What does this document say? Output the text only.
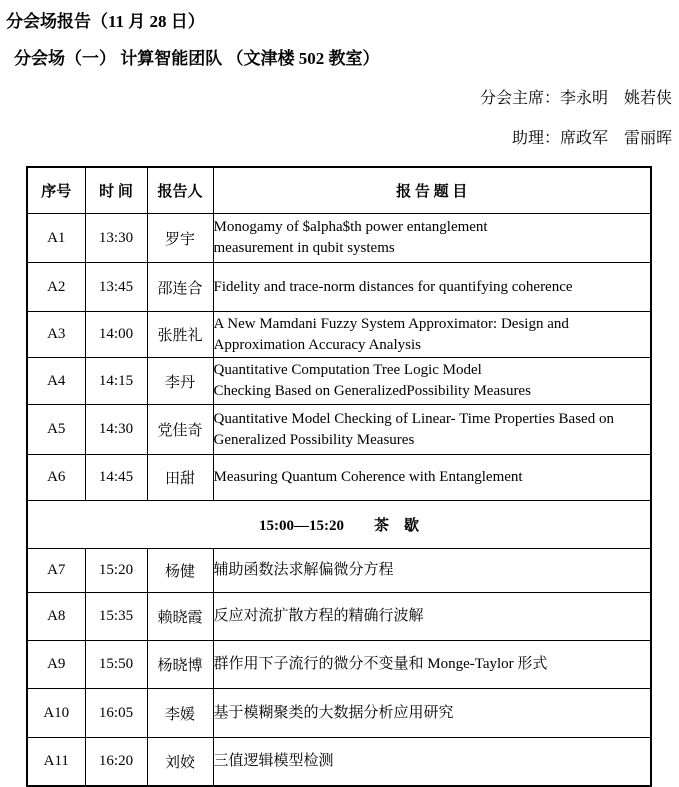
分会场报告（11 月 28 日）
分会场（一） 计算智能团队 （文津楼 502 教室）
分会主席：李永明　姚若侠
助理：席政军　雷丽晖
序号	时 间	报告人	报 告 题 目
A1	13:30	罗宇	Monogamy of $alpha$th power entanglement
measurement in qubit systems

A2	13:45	邵连合	Fidelity and trace-norm distances for quantifying coherence

A3	14:00	张胜礼	A New Mamdani Fuzzy System Approximator: Design and
Approximation Accuracy Analysis

A4	14:15	李丹	Quantitative Computation Tree Logic Model
Checking Based on GeneralizedPossibility Measures

A5	14:30	党佳奇	Quantitative Model Checking of Linear- Time Properties Based on
Generalized Possibility Measures

A6	14:45	田甜	Measuring Quantum Coherence with Entanglement

15:00—15:20　　茶　歇			
A7	15:20	杨健	辅助函数法求解偏微分方程

A8	15:35	赖晓霞	反应对流扩散方程的精确行波解

A9	15:50	杨晓博	群作用下子流行的微分不变量和 Monge-Taylor 形式

A10	16:05	李媛	基于模糊聚类的大数据分析应用研究

A11	16:20	刘姣	三值逻辑模型检测
